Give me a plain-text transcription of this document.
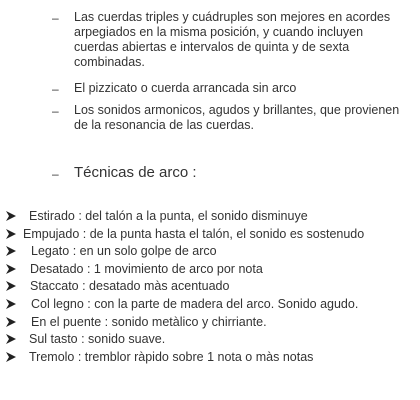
– Las cuerdas triples y cuádruples son mejores en acordes arpegiados en la misma posición, y cuando incluyen cuerdas abiertas e intervalos de quinta y de sexta combinadas.
– El pizzicato o cuerda arrancada sin arco
– Los sonidos armonicos, agudos y brillantes, que provienen de la resonancia de las cuerdas.
– Técnicas de arco :
Estirado : del talón a la punta, el sonido disminuye
Empujado : de la punta hasta el talón, el sonido es sostenudo
Legato : en un solo golpe de arco
Desatado : 1 movimiento de arco por nota
Staccato : desatado màs acentuado
Col legno : con la parte de madera del arco. Sonido agudo.
En el puente : sonido metàlico y chirriante.
Sul tasto : sonido suave.
Tremolo : tremblor ràpido sobre 1 nota o màs notas
